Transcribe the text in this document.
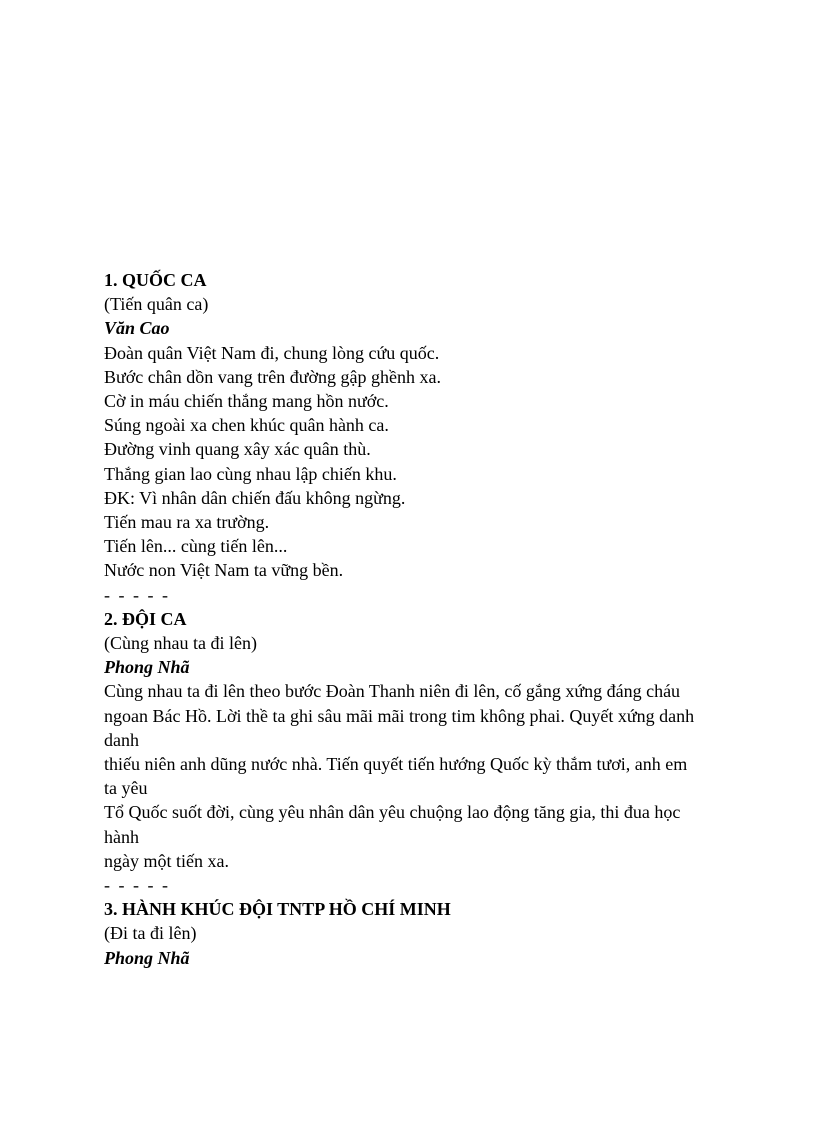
1. QUỐC CA
(Tiến quân ca)
Văn Cao
Đoàn quân Việt Nam đi, chung lòng cứu quốc.
Bước chân dồn vang trên đường gập ghềnh xa.
Cờ in máu chiến thắng mang hồn nước.
Súng ngoài xa chen khúc quân hành ca.
Đường vinh quang xây xác quân thù.
Thắng gian lao cùng nhau lập chiến khu.
ĐK: Vì nhân dân chiến đấu không ngừng.
Tiến mau ra xa trường.
Tiến lên... cùng tiến lên...
Nước non Việt Nam ta vững bền.
- - - - -
2. ĐỘI CA
(Cùng nhau ta đi lên)
Phong Nhã
Cùng nhau ta đi lên theo bước Đoàn Thanh niên đi lên, cố gắng xứng đáng cháu
ngoan Bác Hồ. Lời thề ta ghi sâu mãi mãi trong tim không phai. Quyết xứng danh danh
thiếu niên anh dũng nước nhà. Tiến quyết tiến hướng Quốc kỳ thắm tươi, anh em ta yêu
Tổ Quốc suốt đời, cùng yêu nhân dân yêu chuộng lao động tăng gia, thi đua học hành
ngày một tiến xa.
- - - - -
3. HÀNH KHÚC ĐỘI TNTP HỒ CHÍ MINH
(Đi ta đi lên)
Phong Nhã
